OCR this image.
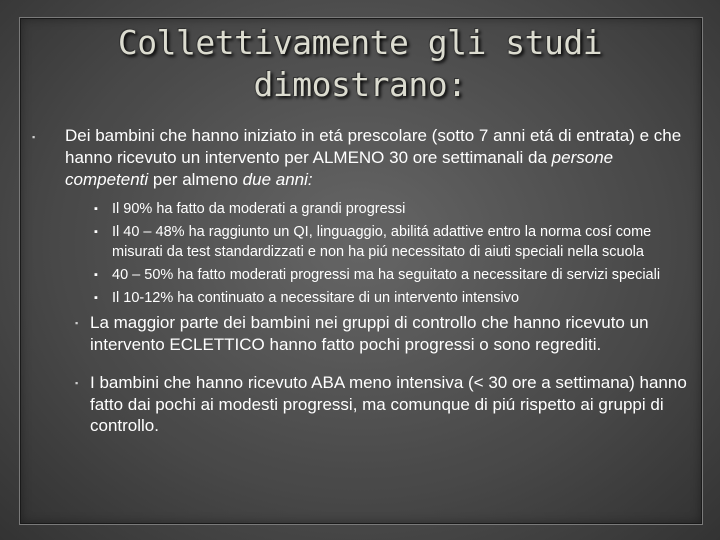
Collettivamente gli studi
dimostrano:

▪ Dei bambini che hanno iniziato in etá prescolare (sotto 7 anni etá di entrata) e che hanno ricevuto un intervento per ALMENO 30 ore settimanali da persone competenti per almeno due anni:

▪ Il 90% ha fatto da moderati a grandi progressi
▪ Il 40 – 48% ha raggiunto un QI, linguaggio, abilitá adattive entro la norma cosí come misurati da test standardizzati e non ha piú necessitato di aiuti speciali nella scuola
▪ 40 – 50% ha fatto moderati progressi ma ha seguitato a necessitare di servizi speciali
▪ Il 10-12% ha continuato a necessitare di un intervento intensivo

▪ La maggior parte dei bambini nei gruppi di controllo che hanno ricevuto un intervento ECLETTICO hanno fatto pochi progressi o sono regrediti.

▪ I bambini che hanno ricevuto ABA meno intensiva (< 30 ore a settimana) hanno fatto dai pochi ai modesti progressi, ma comunque di piú rispetto ai gruppi di controllo.
